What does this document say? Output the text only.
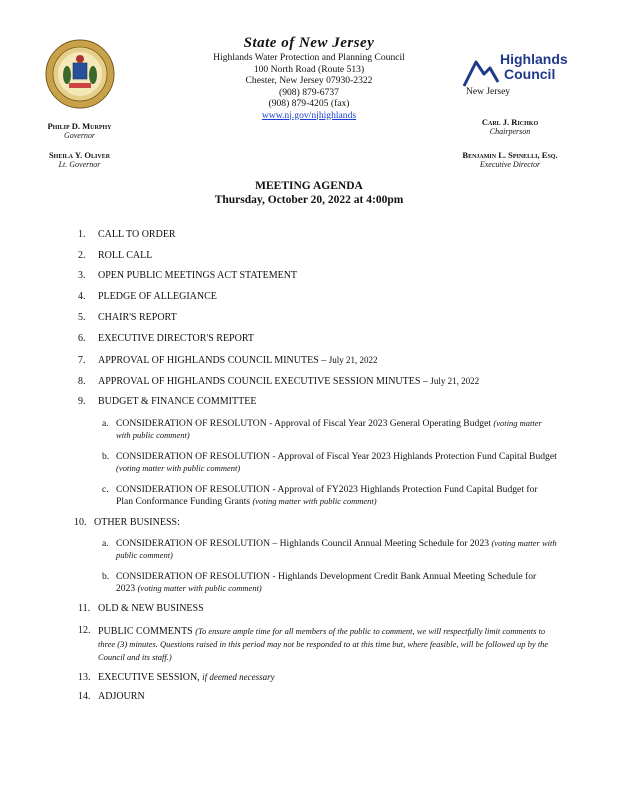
State of New Jersey
Highlands Water Protection and Planning Council
100 North Road (Route 513)
Chester, New Jersey 07930-2322
(908) 879-6737
(908) 879-4205 (fax)
www.nj.gov/njhighlands
Highlands
Council
New Jersey
Philip D. Murphy
Governor
Sheila Y. Oliver
Lt. Governor
Carl J. Richko
Chairperson
Benjamin L. Spinelli, Esq.
Executive Director
MEETING AGENDA
Thursday, October 20, 2022 at 4:00pm
1. CALL TO ORDER
2. ROLL CALL
3. OPEN PUBLIC MEETINGS ACT STATEMENT
4. PLEDGE OF ALLEGIANCE
5. CHAIR'S REPORT
6. EXECUTIVE DIRECTOR'S REPORT
7. APPROVAL OF HIGHLANDS COUNCIL MINUTES – July 21, 2022
8. APPROVAL OF HIGHLANDS COUNCIL EXECUTIVE SESSION MINUTES – July 21, 2022
9. BUDGET & FINANCE COMMITTEE
a. CONSIDERATION OF RESOLUTON - Approval of Fiscal Year 2023 General Operating Budget (voting matter with public comment)
b. CONSIDERATION OF RESOLUTION - Approval of Fiscal Year 2023 Highlands Protection Fund Capital Budget (voting matter with public comment)
c. CONSIDERATION OF RESOLUTION - Approval of FY2023 Highlands Protection Fund Capital Budget for Plan Conformance Funding Grants (voting matter with public comment)
10. OTHER BUSINESS:
a. CONSIDERATION OF RESOLUTION – Highlands Council Annual Meeting Schedule for 2023 (voting matter with public comment)
b. CONSIDERATION OF RESOLUTION - Highlands Development Credit Bank Annual Meeting Schedule for 2023 (voting matter with public comment)
11. OLD & NEW BUSINESS
12. PUBLIC COMMENTS (To ensure ample time for all members of the public to comment, we will respectfully limit comments to three (3) minutes. Questions raised in this period may not be responded to at this time but, where feasible, will be followed up by the Council and its staff.)
13. EXECUTIVE SESSION, if deemed necessary
14. ADJOURN
